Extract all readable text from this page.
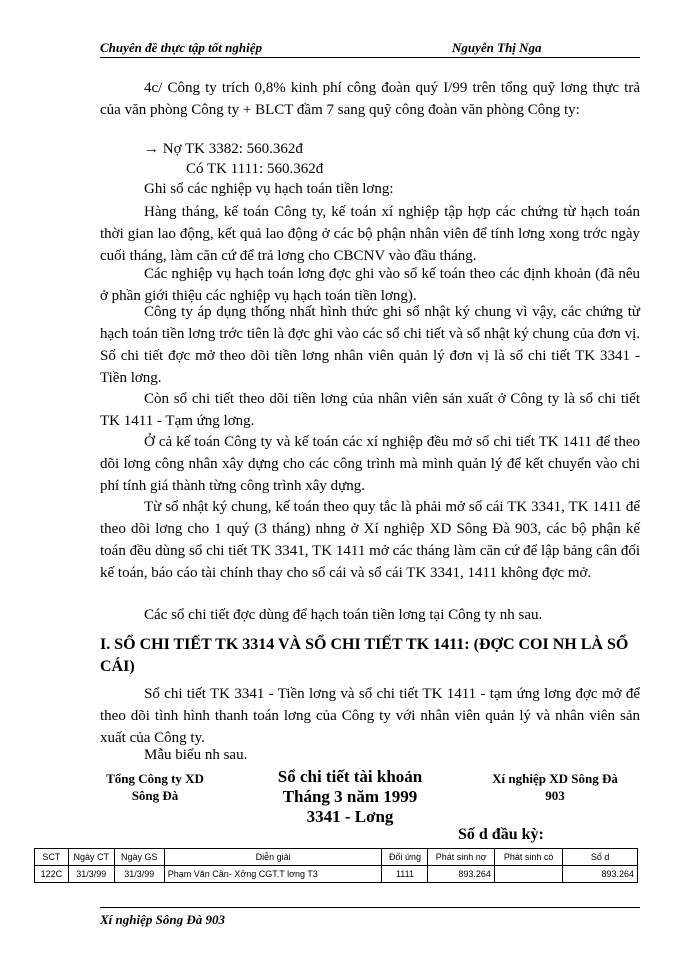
Chuyên đề thực tập tốt nghiệp	Nguyễn Thị Nga
4c/ Công ty trích 0,8% kinh phí công đoàn quý I/99 trên tổng quỹ lơng thực trả của văn phòng Công ty + BLCT đầm 7 sang quỹ công đoàn văn phòng Công ty:
→ Nợ TK 3382: 560.362đ
Có TK 1111: 560.362đ
Ghi sổ các nghiệp vụ hạch toán tiền lơng:
Hàng tháng, kế toán Công ty, kế toán xí nghiệp tập hợp các chứng từ hạch toán thời gian lao động, kết quả lao động ở các bộ phận nhân viên để tính lơng xong trớc ngày cuối tháng, làm căn cứ để trả lơng cho CBCNV vào đầu tháng.
Các nghiệp vụ hạch toán lơng đợc ghi vào sổ kế toán theo các định khoản (đã nêu ở phần giới thiệu các nghiệp vụ hạch toán tiền lơng).
Công ty áp dụng thống nhất hình thức ghi sổ nhật ký chung vì vậy, các chứng từ hạch toán tiền lơng trớc tiên là đợc ghi vào các sổ chi tiết và sổ nhật ký chung của đơn vị. Sổ chi tiết đợc mở theo dõi tiền lơng nhân viên quản lý đơn vị là sổ chi tiết TK 3341 - Tiền lơng.
Còn sổ chi tiết theo dõi tiền lơng của nhân viên sản xuất ở Công ty là sổ chi tiết TK 1411 - Tạm ứng lơng.
Ở cả kế toán Công ty và kế toán các xí nghiệp đều mở sổ chi tiết TK 1411 để theo dõi lơng công nhân xây dựng cho các công trình mà mình quản lý để kết chuyển vào chi phí tính giá thành từng công trình xây dựng.
Từ sổ nhật ký chung, kế toán theo quy tắc là phải mở sổ cái TK 3341, TK 1411 để theo dõi lơng cho 1 quý (3 tháng) nhng ở Xí nghiệp XD Sông Đà 903, các bộ phận kế toán đều dùng sổ chi tiết TK 3341, TK 1411 mở các tháng làm căn cứ để lập bảng cân đối kế toán, báo cáo tài chính thay cho sổ cái và sổ cái TK 3341, 1411 không đợc mở.
Các sổ chi tiết đợc dùng để hạch toán tiền lơng tại Công ty nh sau.
I. SỔ CHI TIẾT TK 3314 VÀ SỔ CHI TIẾT TK 1411: (ĐỢC COI NH LÀ SỔ CÁI)
Sổ chi tiết TK 3341 - Tiền lơng và sổ chi tiết TK 1411 - tạm ứng lơng đợc mở để theo dõi tình hình thanh toán lơng của Công ty với nhân viên quản lý và nhân viên sản xuất của Công ty.
Mẫu biểu nh sau.
Tổng Công ty XD
Sông Đà
Sổ chi tiết tài khoản
Tháng 3 năm 1999
3341 - Lơng
Xí nghiệp XD Sông Đà
903
Số d đầu kỳ:
SCT	Ngày CT	Ngày GS	Diễn giải	Đối ứng	Phát sinh nợ	Phát sinh có	Số d
122C	31/3/99	31/3/99	Phạm Văn Cần- Xởng CGT.T lơng T3	1111	893.264		893.264
Xí nghiệp Sông Đà 903
